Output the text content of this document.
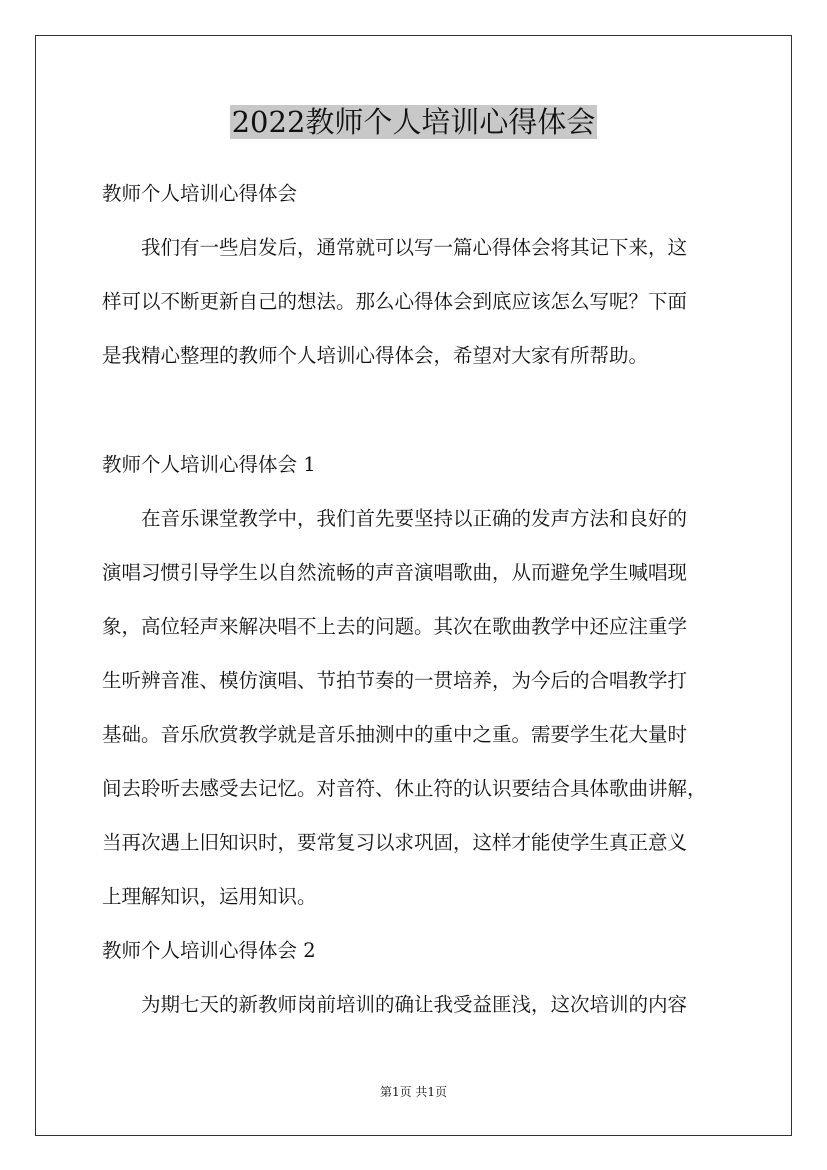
2022教师个人培训心得体会
教师个人培训心得体会
　　我们有一些启发后，通常就可以写一篇心得体会将其记下来，这
样可以不断更新自己的想法。那么心得体会到底应该怎么写呢？下面
是我精心整理的教师个人培训心得体会，希望对大家有所帮助。
教师个人培训心得体会 1
　　在音乐课堂教学中，我们首先要坚持以正确的发声方法和良好的
演唱习惯引导学生以自然流畅的声音演唱歌曲，从而避免学生喊唱现
象，高位轻声来解决唱不上去的问题。其次在歌曲教学中还应注重学
生听辨音准、模仿演唱、节拍节奏的一贯培养，为今后的合唱教学打
基础。音乐欣赏教学就是音乐抽测中的重中之重。需要学生花大量时
间去聆听去感受去记忆。对音符、休止符的认识要结合具体歌曲讲解，
当再次遇上旧知识时，要常复习以求巩固，这样才能使学生真正意义
上理解知识，运用知识。
教师个人培训心得体会 2
　　为期七天的新教师岗前培训的确让我受益匪浅，这次培训的内容
第1页 共1页
